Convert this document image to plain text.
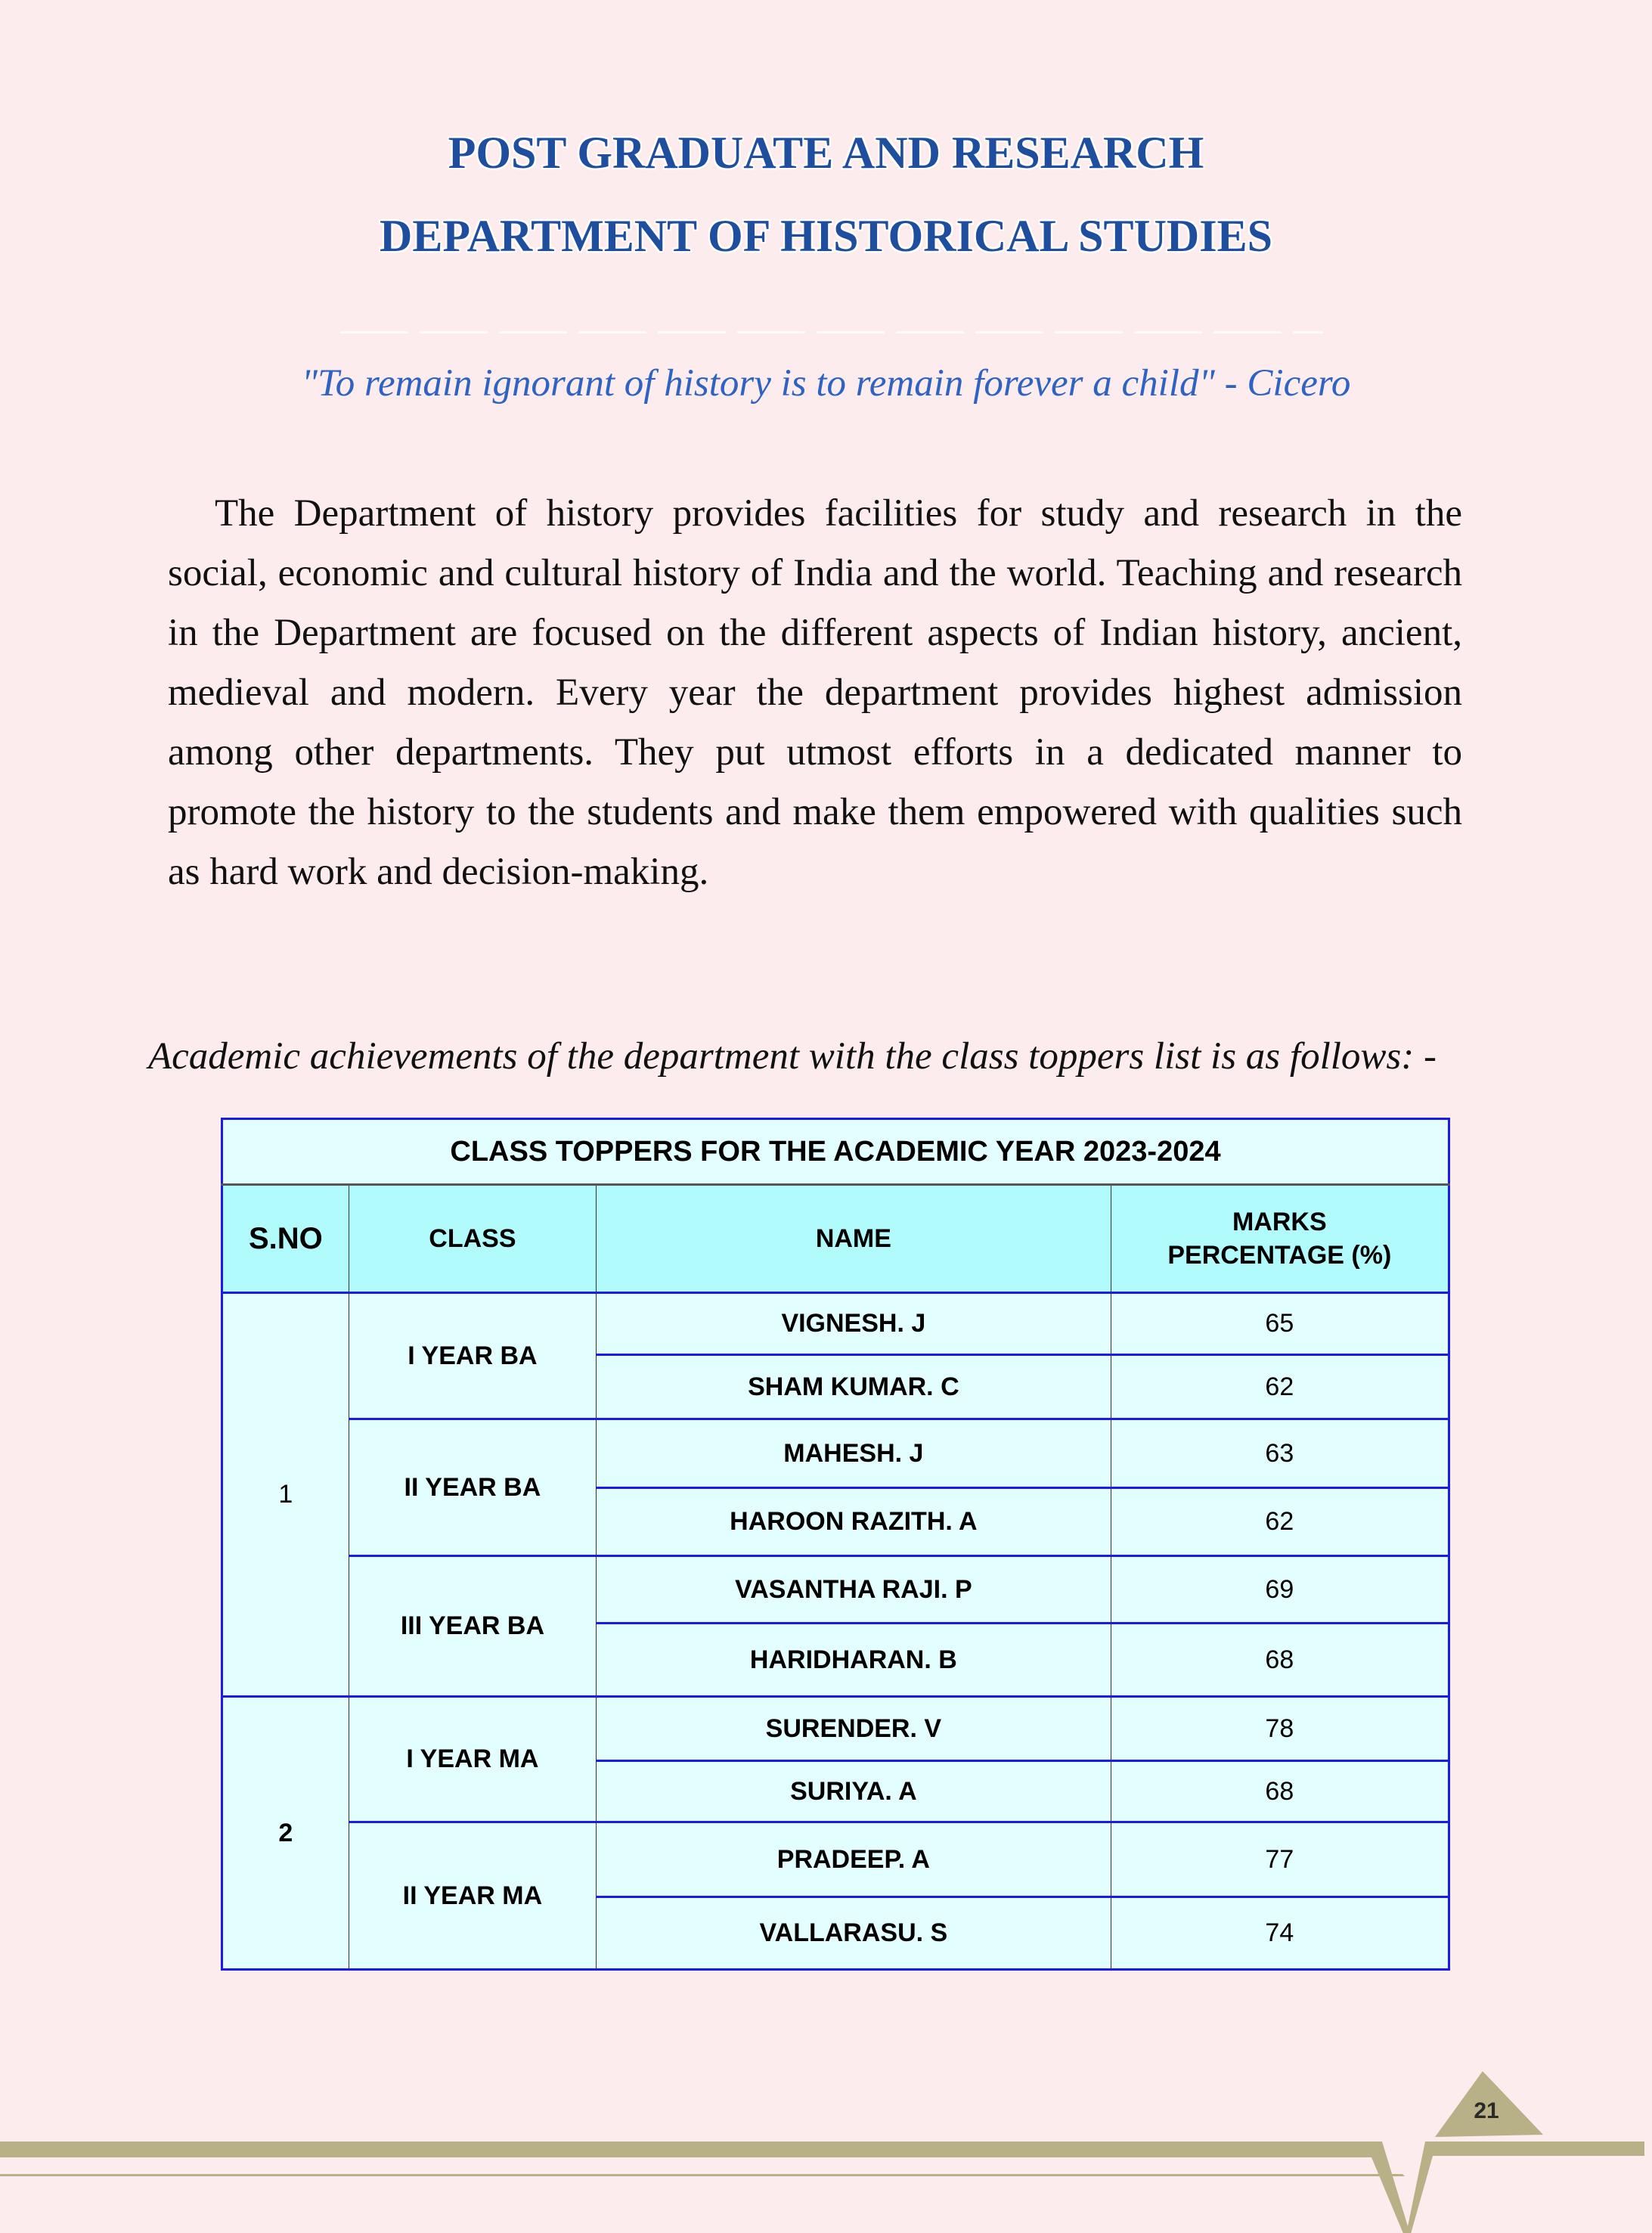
POST GRADUATE AND RESEARCH
DEPARTMENT OF HISTORICAL STUDIES
"To remain ignorant of history is to remain forever a child" - Cicero
The Department of history provides facilities for study and research in the social, economic and cultural history of India and the world. Teaching and research in the Department are focused on the different aspects of Indian history, ancient, medieval and modern. Every year the department provides highest admission among other departments. They put utmost efforts in a dedicated manner to promote the history to the students and make them empowered with qualities such as hard work and decision-making.
Academic achievements of the department with the class toppers list is as follows: -
CLASS TOPPERS FOR THE ACADEMIC YEAR 2023-2024			
S.NO	CLASS	NAME	MARKS
PERCENTAGE (%)
1	I YEAR BA	VIGNESH. J	65
		SHAM KUMAR. C	62
	II YEAR BA	MAHESH. J	63
		HAROON RAZITH. A	62
	III YEAR BA	VASANTHA RAJI. P	69
		HARIDHARAN. B	68
2	I YEAR MA	SURENDER. V	78
		SURIYA. A	68
	II YEAR MA	PRADEEP. A	77
		VALLARASU. S	74
21
